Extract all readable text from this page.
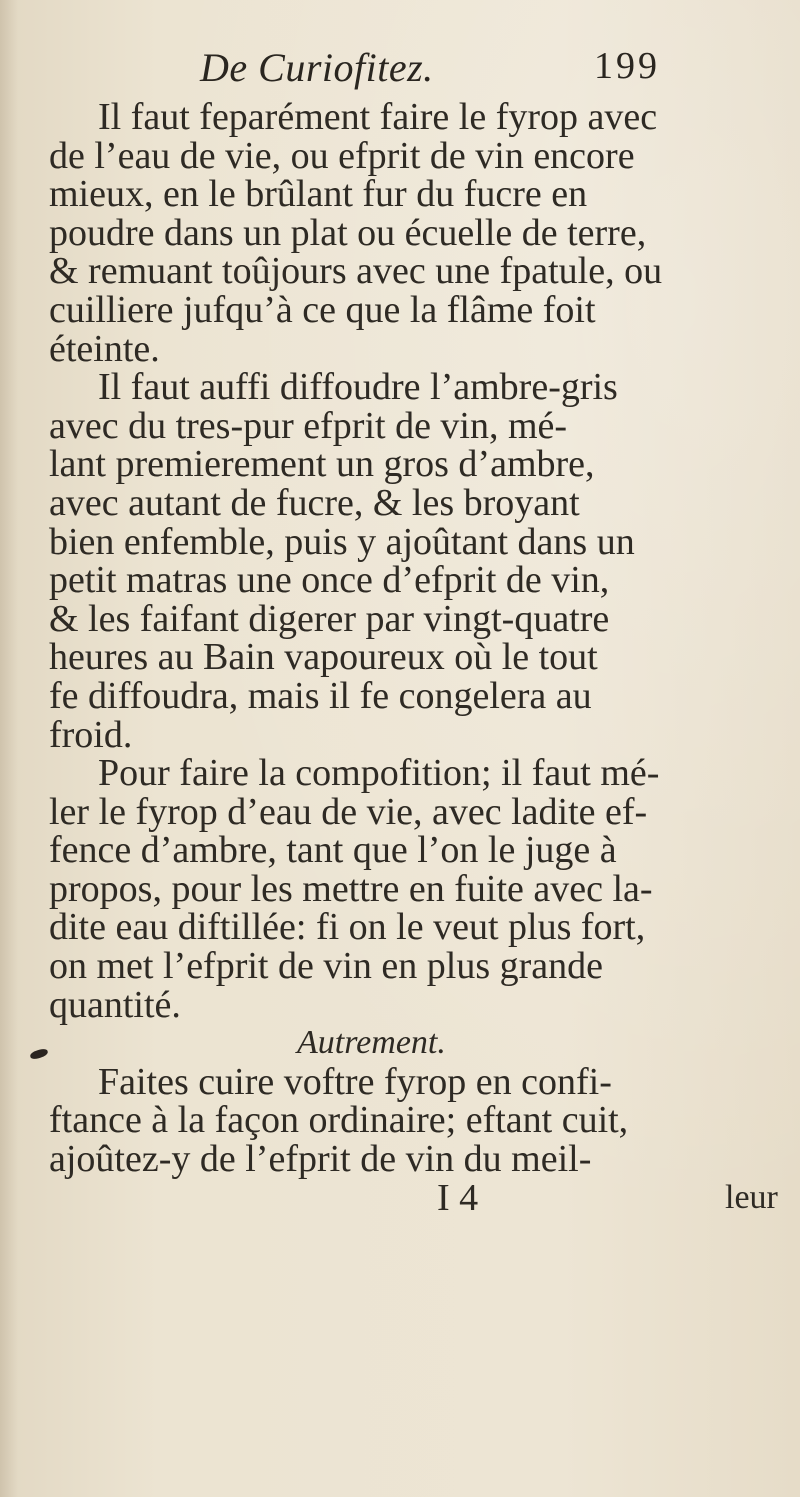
De Curiofitez.	199
Il faut feparément faire le fyrop avec
de l’eau de vie, ou efprit de vin encore
mieux, en le brûlant fur du fucre en
poudre dans un plat ou écuelle de terre,
& remuant toûjours avec une fpatule, ou
cuilliere jufqu’à ce que la flâme foit
éteinte.
Il faut auffi diffoudre l’ambre-gris
avec du tres-pur efprit de vin, mé-
lant premierement un gros d’ambre,
avec autant de fucre, & les broyant
bien enfemble, puis y ajoûtant dans un
petit matras une once d’efprit de vin,
& les faifant digerer par vingt-quatre
heures au Bain vapoureux où le tout
fe diffoudra, mais il fe congelera au
froid.
Pour faire la compofition; il faut mé-
ler le fyrop d’eau de vie, avec ladite ef-
fence d’ambre, tant que l’on le juge à
propos, pour les mettre en fuite avec la-
dite eau diftillée: fi on le veut plus fort,
on met l’efprit de vin en plus grande
quantité.
Autrement.
Faites cuire voftre fyrop en confi-
ftance à la façon ordinaire; eftant cuit,
ajoûtez-y de l’efprit de vin du meil-
I 4	leur
